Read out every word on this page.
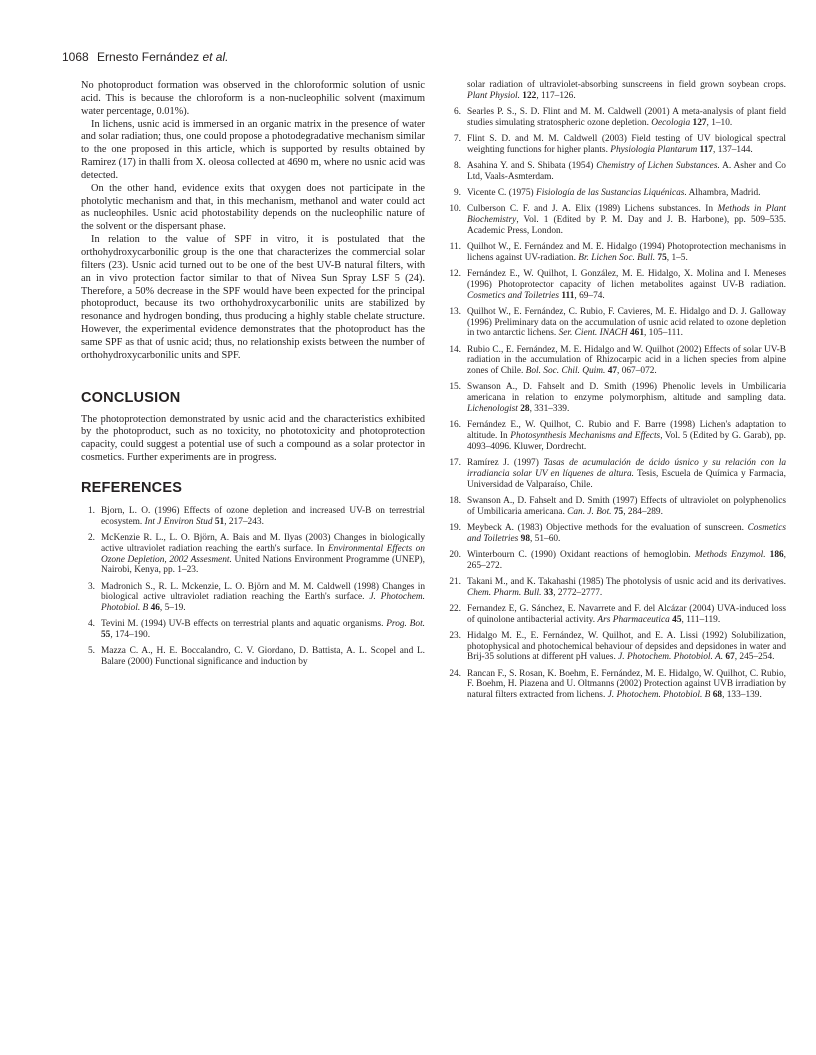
1068 Ernesto Fernández et al.

No photoproduct formation was observed in the chloroformic solution of usnic acid. This is because the chloroform is a non-nucleophilic solvent (maximum water percentage, 0.01%).

In lichens, usnic acid is immersed in an organic matrix in the presence of water and solar radiation; thus, one could propose a photodegradative mechanism similar to the one proposed in this article, which is supported by results obtained by Ramirez (17) in thalli from X. oleosa collected at 4690 m, where no usnic acid was detected.

On the other hand, evidence exits that oxygen does not participate in the photolytic mechanism and that, in this mechanism, methanol and water could act as nucleophiles. Usnic acid photostability depends on the nucleophilic nature of the solvent or the dispersant phase.

In relation to the value of SPF in vitro, it is postulated that the orthohydroxycarbonilic group is the one that characterizes the commercial solar filters (23). Usnic acid turned out to be one of the best UV-B natural filters, with an in vivo protection factor similar to that of Nivea Sun Spray LSF 5 (24). Therefore, a 50% decrease in the SPF would have been expected for the principal photoproduct, because its two orthohydroxycarbonilic units are stabilized by resonance and hydrogen bonding, thus producing a highly stable chelate structure. However, the experimental evidence demonstrates that the photoproduct has the same SPF as that of usnic acid; thus, no relationship exists between the number of orthohydroxycarbonilic units and SPF.

CONCLUSION

The photoprotection demonstrated by usnic acid and the characteristics exhibited by the photoproduct, such as no toxicity, no phototoxicity and photoprotection capacity, could suggest a potential use of such a compound as a solar protector in cosmetics. Further experiments are in progress.

REFERENCES
1. Bjorn, L. O. (1996) Effects of ozone depletion and increased UV-B on terrestrial ecosystem. Int J Environ Stud 51, 217–243.
2. McKenzie R. L., L. O. Björn, A. Bais and M. Ilyas (2003) Changes in biologically active ultraviolet radiation reaching the earth's surface. In Environmental Effects on Ozone Depletion, 2002 Assesment. United Nations Environment Programme (UNEP), Nairobi, Kenya, pp. 1–23.
3. Madronich S., R. L. Mckenzie, L. O. Björn and M. M. Caldwell (1998) Changes in biological active ultraviolet radiation reaching the Earth's surface. J. Photochem. Photobiol. B 46, 5–19.
4. Tevini M. (1994) UV-B effects on terrestrial plants and aquatic organisms. Prog. Bot. 55, 174–190.
5. Mazza C. A., H. E. Boccalandro, C. V. Giordano, D. Battista, A. L. Scopel and L. Balare (2000) Functional significance and induction by

solar radiation of ultraviolet-absorbing sunscreens in field grown soybean crops. Plant Physiol. 122, 117–126.

6. Searles P. S., S. D. Flint and M. M. Caldwell (2001) A meta-analysis of plant field studies simulating stratospheric ozone depletion. Oecologia 127, 1–10.
7. Flint S. D. and M. M. Caldwell (2003) Field testing of UV biological spectral weighting functions for higher plants. Physiologia Plantarum 117, 137–144.
8. Asahina Y. and S. Shibata (1954) Chemistry of Lichen Substances. A. Asher and Co Ltd, Vaals-Asmterdam.
9. Vicente C. (1975) Fisiología de las Sustancias Liquénicas. Alhambra, Madrid.
10. Culberson C. F. and J. A. Elix (1989) Lichens substances. In Methods in Plant Biochemistry, Vol. 1 (Edited by P. M. Day and J. B. Harbone), pp. 509–535. Academic Press, London.
11. Quilhot W., E. Fernández and M. E. Hidalgo (1994) Photoprotection mechanisms in lichens against UV-radiation. Br. Lichen Soc. Bull. 75, 1–5.
12. Fernández E., W. Quilhot, I. González, M. E. Hidalgo, X. Molina and I. Meneses (1996) Photoprotector capacity of lichen metabolites against UV-B radiation. Cosmetics and Toiletries 111, 69–74.
13. Quilhot W., E. Fernández, C. Rubio, F. Cavieres, M. E. Hidalgo and D. J. Galloway (1996) Preliminary data on the accumulation of usnic acid related to ozone depletion in two antarctic lichens. Ser. Cient. INACH 461, 105–111.
14. Rubio C., E. Fernández, M. E. Hidalgo and W. Quilhot (2002) Effects of solar UV-B radiation in the accumulation of Rhizocarpic acid in a lichen species from alpine zones of Chile. Bol. Soc. Chil. Quim. 47, 067–072.
15. Swanson A., D. Fahselt and D. Smith (1996) Phenolic levels in Umbilicaria americana in relation to enzyme polymorphism, altitude and sampling data. Lichenologist 28, 331–339.
16. Fernández E., W. Quilhot, C. Rubio and F. Barre (1998) Lichen's adaptation to altitude. In Photosynthesis Mechanisms and Effects, Vol. 5 (Edited by G. Garab), pp. 4093–4096. Kluwer, Dordrecht.
17. Ramírez J. (1997) Tasas de acumulación de ácido úsnico y su relación con la irradiancia solar UV en líquenes de altura. Tesis, Escuela de Química y Farmacia, Universidad de Valparaíso, Chile.
18. Swanson A., D. Fahselt and D. Smith (1997) Effects of ultraviolet on polyphenolics of Umbilicaria americana. Can. J. Bot. 75, 284–289.
19. Meybeck A. (1983) Objective methods for the evaluation of sunscreen. Cosmetics and Toiletries 98, 51–60.
20. Winterbourn C. (1990) Oxidant reactions of hemoglobin. Methods Enzymol. 186, 265–272.
21. Takani M., and K. Takahashi (1985) The photolysis of usnic acid and its derivatives. Chem. Pharm. Bull. 33, 2772–2777.
22. Fernandez E, G. Sánchez, E. Navarrete and F. del Alcázar (2004) UVA-induced loss of quinolone antibacterial activity. Ars Pharmaceutica 45, 111–119.
23. Hidalgo M. E., E. Fernández, W. Quilhot, and E. A. Lissi (1992) Solubilization, photophysical and photochemical behaviour of depsides and depsidones in water and Brij-35 solutions at different pH values. J. Photochem. Photobiol. A. 67, 245–254.
24. Rancan F., S. Rosan, K. Boehm, E. Fernández, M. E. Hidalgo, W. Quilhot, C. Rubio, F. Boehm, H. Piazena and U. Oltmanns (2002) Protection against UVB irradiation by natural filters extracted from lichens. J. Photochem. Photobiol. B 68, 133–139.
